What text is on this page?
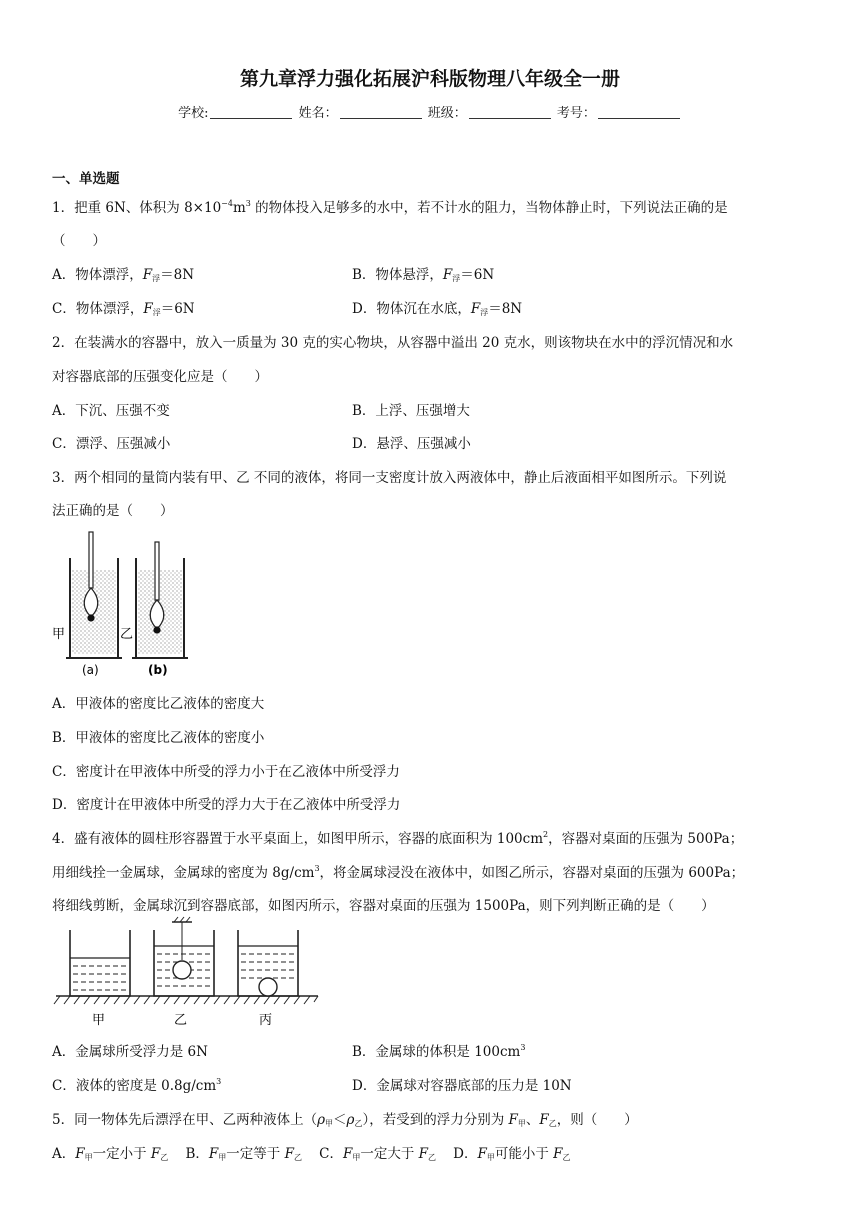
第九章浮力强化拓展沪科版物理八年级全一册
学校:	姓名：	班级：	考号：
一、单选题
1．把重 6N、体积为 $8\times 10^{-4}m^3$ 的物体投入足够多的水中，若不计水的阻力，当物体静止时，下列说法正确的是
（　　）
A．物体漂浮，$F_浮=8N$	B．物体悬浮，$F_浮=6N$
C．物体漂浮，$F_浮=6N$	D．物体沉在水底，$F_浮=8N$
2．在装满水的容器中，放入一质量为 30 克的实心物块，从容器中溢出 20 克水，则该物块在水中的浮沉情况和水
对容器底部的压强变化应是（　　）
A．下沉、压强不变	B．上浮、压强增大
C．漂浮、压强减小	D．悬浮、压强减小
3．两个相同的量筒内装有甲、乙 不同的液体，将同一支密度计放入两液体中，静止后液面相平如图所示。下列说
法正确的是（　　）
甲	乙
(a)	(b)
A．甲液体的密度比乙液体的密度大
B．甲液体的密度比乙液体的密度小
C．密度计在甲液体中所受的浮力小于在乙液体中所受浮力
D．密度计在甲液体中所受的浮力大于在乙液体中所受浮力
4．盛有液体的圆柱形容器置于水平桌面上，如图甲所示，容器的底面积为 $100cm^2$，容器对桌面的压强为 500Pa；
用细线拴一金属球，金属球的密度为 $8g/cm^3$，将金属球浸没在液体中，如图乙所示，容器对桌面的压强为 600Pa；
将细线剪断，金属球沉到容器底部，如图丙所示，容器对桌面的压强为 1500Pa，则下列判断正确的是（　　）
甲	乙	丙
A．金属球所受浮力是 6N	B．金属球的体积是 $100cm^3$
C．液体的密度是 $0.8g/cm^3$	D．金属球对容器底部的压力是 10N
5．同一物体先后漂浮在甲、乙两种液体上$(\rho_甲<\rho_乙)$，若受到的浮力分别为 $F_甲$、$F_乙$，则（　　）
A．$F_甲$一定小于 $F_乙$ B．$F_甲$一定等于 $F_乙$ C．$F_甲$一定大于 $F_乙$ D．$F_甲$可能小于 $F_乙$
